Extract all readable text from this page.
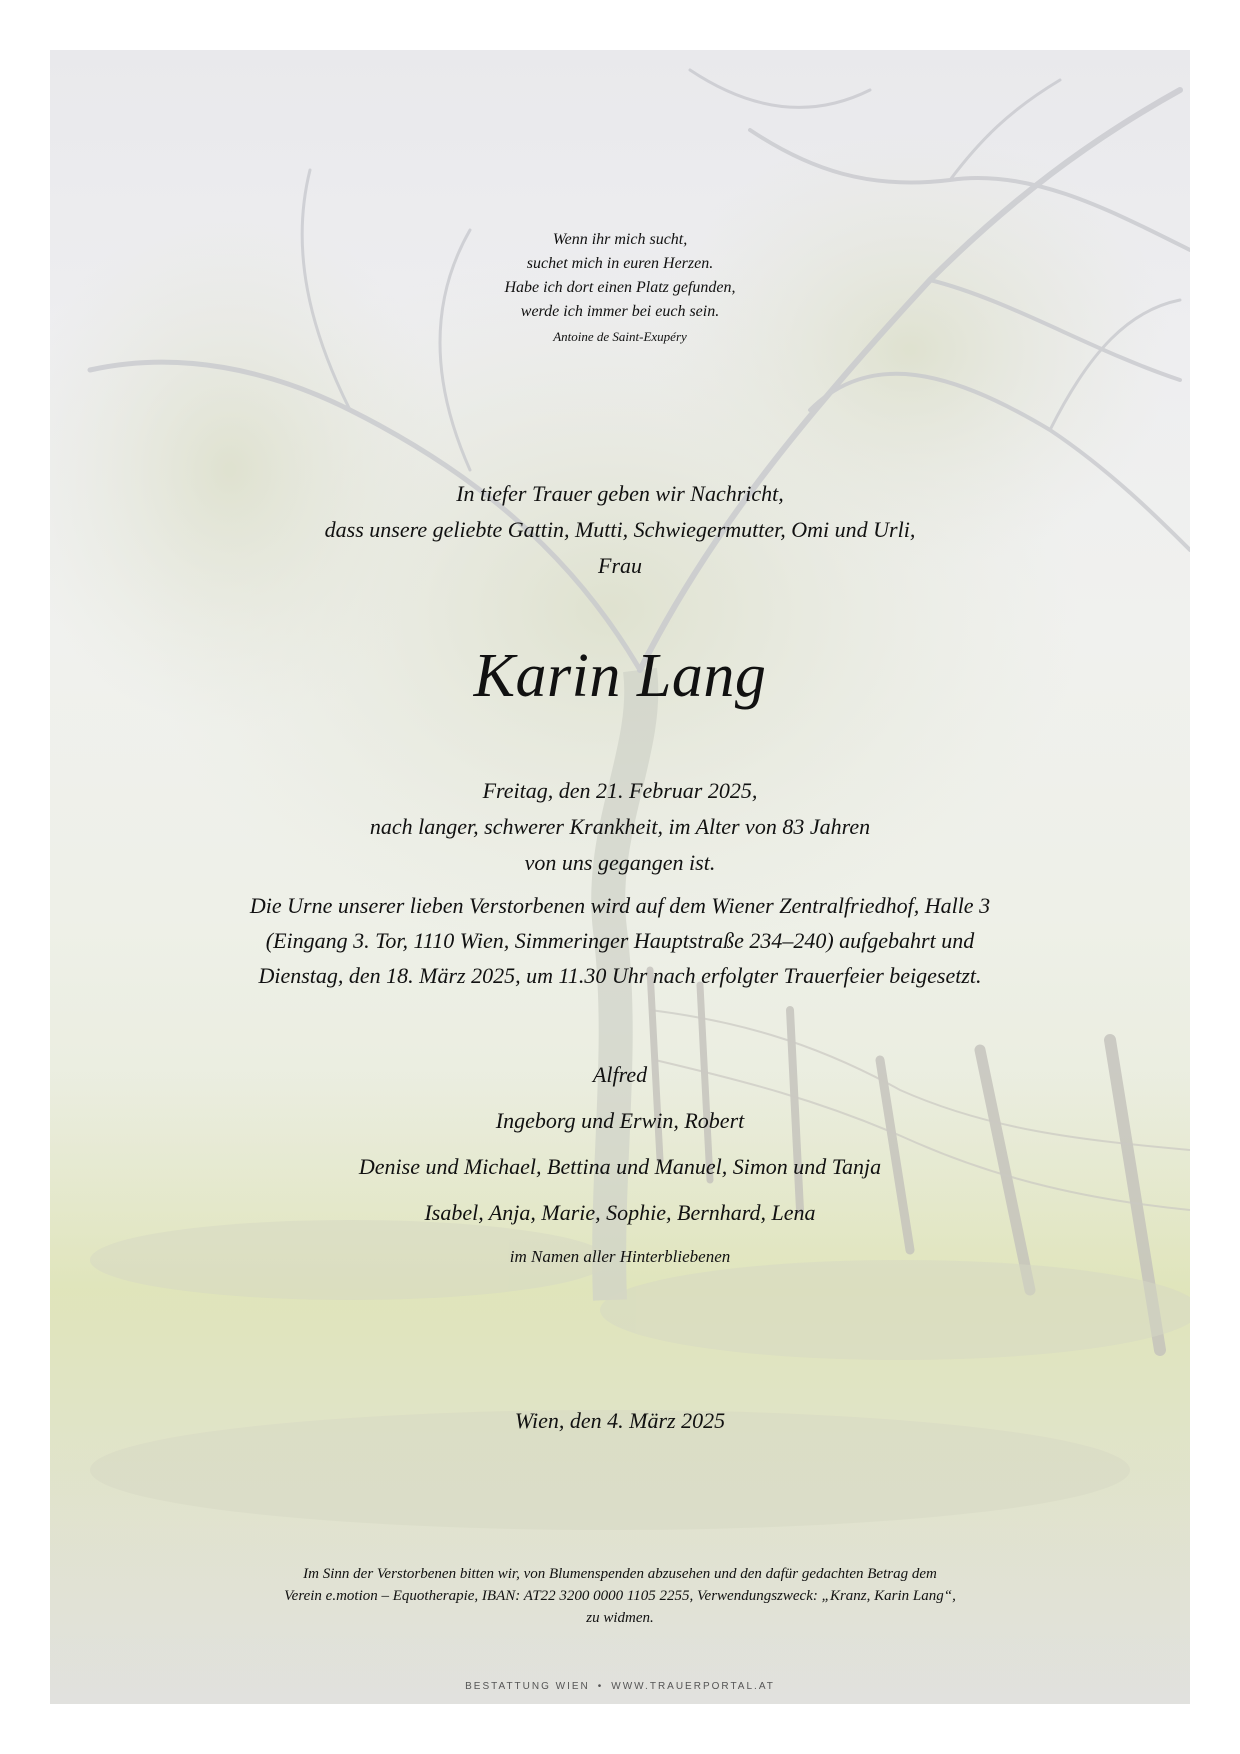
Wenn ihr mich sucht,
suchet mich in euren Herzen.
Habe ich dort einen Platz gefunden,
werde ich immer bei euch sein.
Antoine de Saint-Exupéry
In tiefer Trauer geben wir Nachricht,
dass unsere geliebte Gattin, Mutti, Schwiegermutter, Omi und Urli,
Frau
Karin Lang
Freitag, den 21. Februar 2025,
nach langer, schwerer Krankheit, im Alter von 83 Jahren
von uns gegangen ist.
Die Urne unserer lieben Verstorbenen wird auf dem Wiener Zentralfriedhof, Halle 3
(Eingang 3. Tor, 1110 Wien, Simmeringer Hauptstraße 234–240) aufgebahrt und
Dienstag, den 18. März 2025, um 11.30 Uhr nach erfolgter Trauerfeier beigesetzt.
Alfred
Ingeborg und Erwin, Robert
Denise und Michael, Bettina und Manuel, Simon und Tanja
Isabel, Anja, Marie, Sophie, Bernhard, Lena
im Namen aller Hinterbliebenen
Wien, den 4. März 2025
Im Sinn der Verstorbenen bitten wir, von Blumenspenden abzusehen und den dafür gedachten Betrag dem
Verein e.motion – Equotherapie, IBAN: AT22 3200 0000 1105 2255, Verwendungszweck: „Kranz, Karin Lang“,
zu widmen.
BESTATTUNG WIEN • WWW.TRAUERPORTAL.AT
